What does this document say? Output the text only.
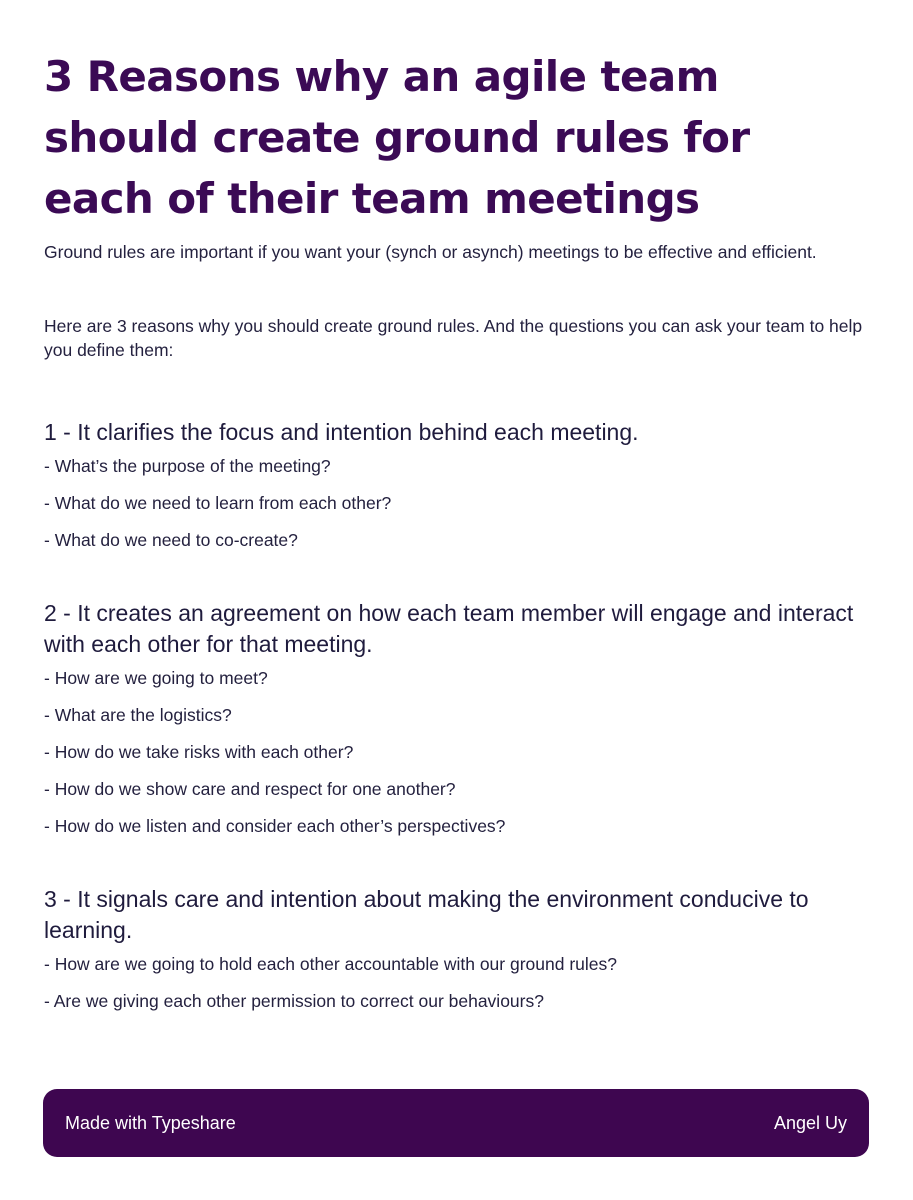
3 Reasons why an agile team should create ground rules for each of their team meetings

Ground rules are important if you want your (synch or asynch) meetings to be effective and efficient.

Here are 3 reasons why you should create ground rules. And the questions you can ask your team to help you define them:

1 - It clarifies the focus and intention behind each meeting.

- What’s the purpose of the meeting?

- What do we need to learn from each other?

- What do we need to co-create?

2 - It creates an agreement on how each team member will engage and interact with each other for that meeting.

- How are we going to meet?

- What are the logistics?

- How do we take risks with each other?

- How do we show care and respect for one another?

- How do we listen and consider each other’s perspectives?

3 - It signals care and intention about making the environment conducive to learning.

- How are we going to hold each other accountable with our ground rules?

- Are we giving each other permission to correct our behaviours?

Made with Typeshare	Angel Uy
